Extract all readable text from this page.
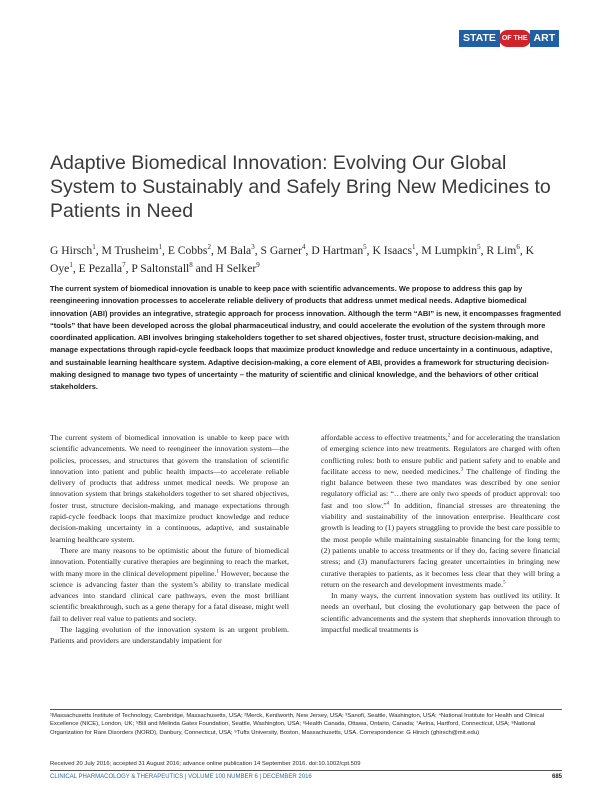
STATE OF THE ART
Adaptive Biomedical Innovation: Evolving Our Global System to Sustainably and Safely Bring New Medicines to Patients in Need

G Hirsch$^1$, M Trusheim$^1$, E Cobbs$^2$, M Bala$^3$, S Garner$^4$, D Hartman$^5$, K Isaacs$^1$, M Lumpkin$^5$, R Lim$^6$, K Oye$^1$, E Pezalla$^7$, P Saltonstall$^8$ and H Selker$^9$

The current system of biomedical innovation is unable to keep pace with scientific advancements. We propose to address this gap by reengineering innovation processes to accelerate reliable delivery of products that address unmet medical needs. Adaptive biomedical innovation (ABI) provides an integrative, strategic approach for process innovation. Although the term “ABI” is new, it encompasses fragmented “tools” that have been developed across the global pharmaceutical industry, and could accelerate the evolution of the system through more coordinated application. ABI involves bringing stakeholders together to set shared objectives, foster trust, structure decision-making, and manage expectations through rapid-cycle feedback loops that maximize product knowledge and reduce uncertainty in a continuous, adaptive, and sustainable learning healthcare system. Adaptive decision-making, a core element of ABI, provides a framework for structuring decision-making designed to manage two types of uncertainty – the maturity of scientific and clinical knowledge, and the behaviors of other critical stakeholders.

The current system of biomedical innovation is unable to keep pace with scientific advancements. We need to reengineer the innovation system—the policies, processes, and structures that govern the translation of scientific innovation into patient and public health impacts—to accelerate reliable delivery of products that address unmet medical needs. We propose an innovation system that brings stakeholders together to set shared objectives, foster trust, structure decision-making, and manage expectations through rapid-cycle feedback loops that maximize product knowledge and reduce decision-making uncertainty in a continuous, adaptive, and sustainable learning healthcare system.

There are many reasons to be optimistic about the future of biomedical innovation. Potentially curative therapies are beginning to reach the market, with many more in the clinical development pipeline.$^1$ However, because the science is advancing faster than the system’s ability to translate medical advances into standard clinical care pathways, even the most brilliant scientific breakthrough, such as a gene therapy for a fatal disease, might well fail to deliver real value to patients and society.

The lagging evolution of the innovation system is an urgent problem. Patients and providers are understandably impatient for

affordable access to effective treatments,$^2$ and for accelerating the translation of emerging science into new treatments. Regulators are charged with often conflicting roles: both to ensure public and patient safety and to enable and facilitate access to new, needed medicines.$^3$ The challenge of finding the right balance between these two mandates was described by one senior regulatory official as: “…there are only two speeds of product approval: too fast and too slow.”$^4$ In addition, financial stresses are threatening the viability and sustainability of the innovation enterprise. Healthcare cost growth is leading to (1) payers struggling to provide the best care possible to the most people while maintaining sustainable financing for the long term; (2) patients unable to access treatments or if they do, facing severe financial stress; and (3) manufacturers facing greater uncertainties in bringing new curative therapies to patients, as it becomes less clear that they will bring a return on the research and development investments made.$^5$

In many ways, the current innovation system has outlived its utility. It needs an overhaul, but closing the evolutionary gap between the pace of scientific advancements and the system that shepherds innovation through to impactful medical treatments is

¹Massachusetts Institute of Technology, Cambridge, Massachusetts, USA; ²Merck, Kenilworth, New Jersey, USA; ³Sanofi, Seattle, Washington, USA; ⁴National Institute for Health and Clinical Excellence (NICE), London, UK; ⁵Bill and Melinda Gates Foundation, Seattle, Washington, USA; ⁶Health Canada, Ottawa, Ontario, Canada; ⁷Aetna, Hartford, Connecticut, USA; ⁸National Organization for Rare Disorders (NORD), Danbury, Connecticut, USA; ⁹Tufts University, Boston, Massachusetts, USA. Correspondence: G Hirsch (ghirsch@mit.edu)
CLINICAL PHARMACOLOGY & THERAPEUTICS | VOLUME 100 NUMBER 6 | DECEMBER 2016	685
Received 20 July 2016; accepted 31 August 2016; advance online publication 14 September 2016. doi:10.1002/cpt.509
